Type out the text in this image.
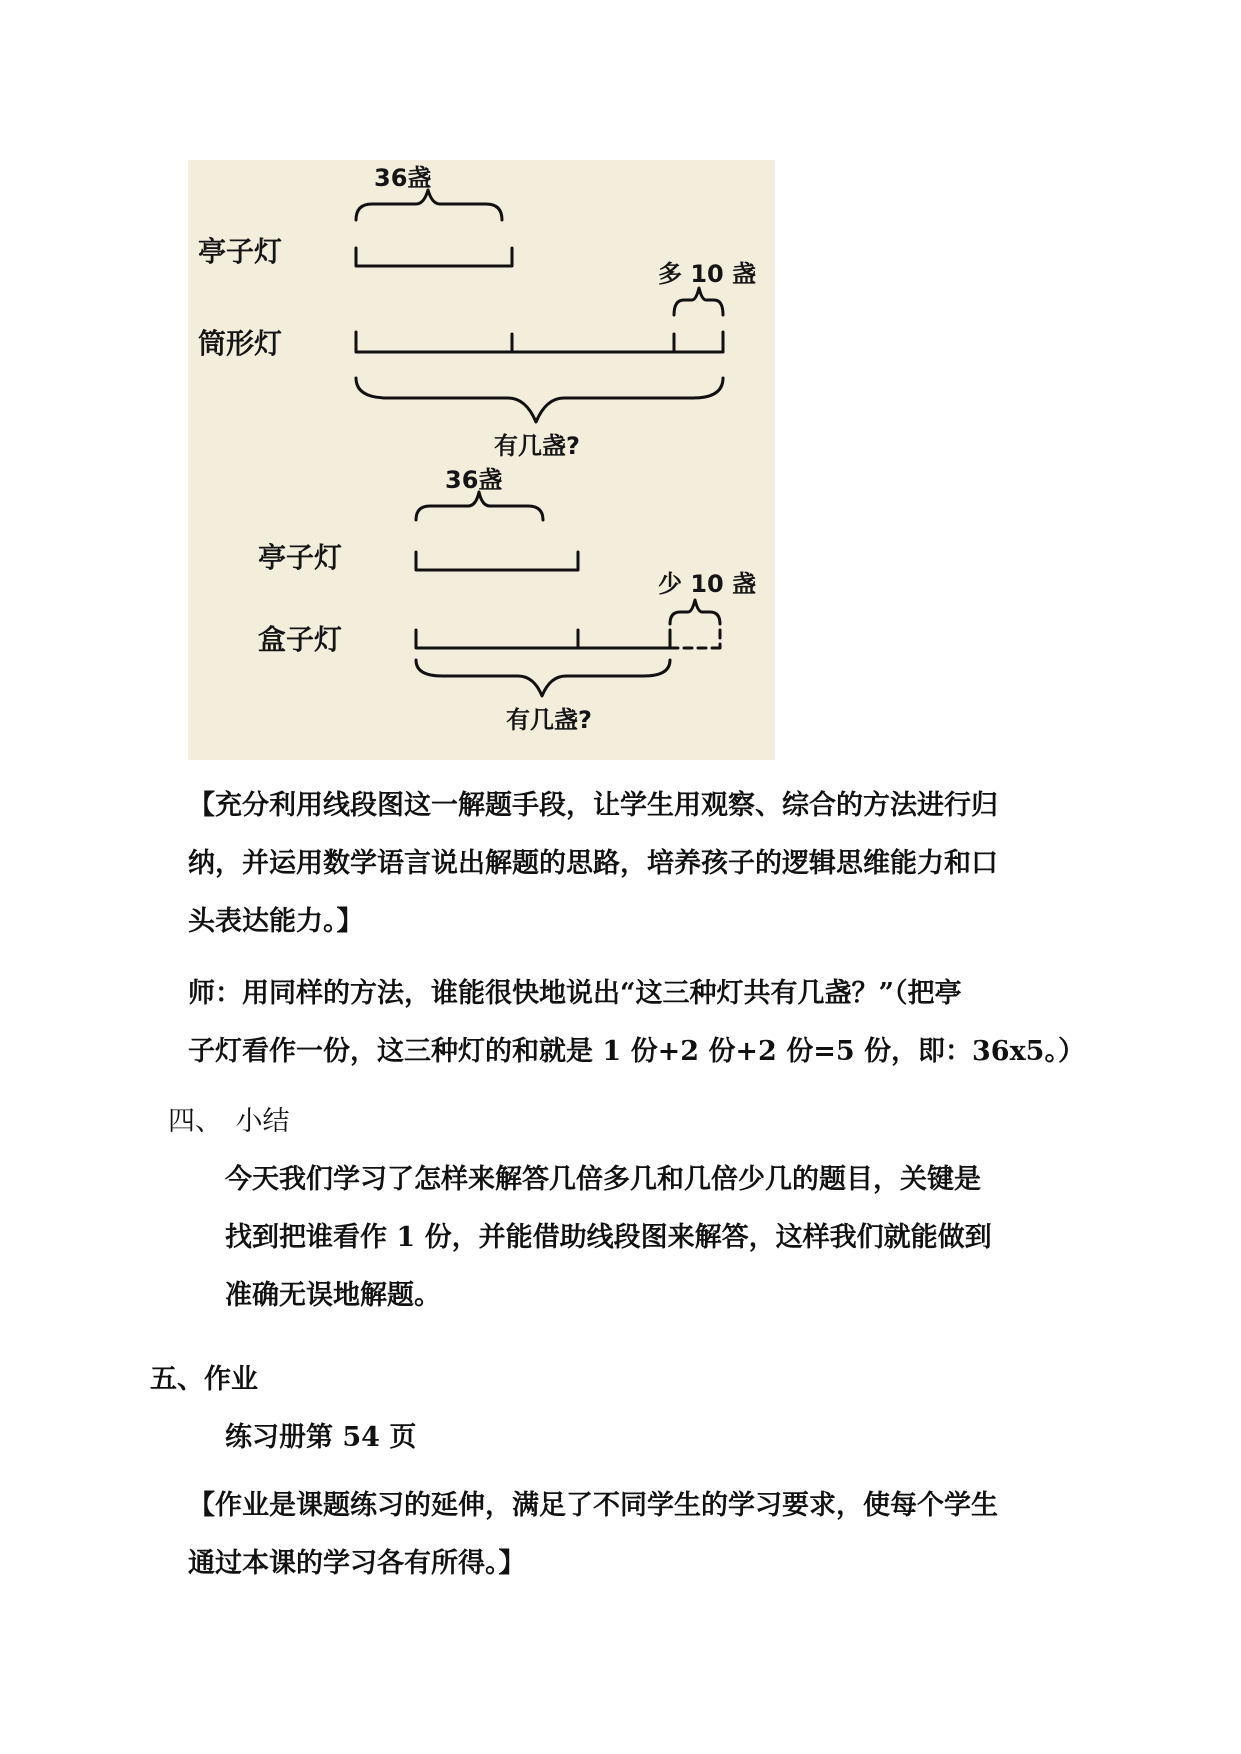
36盏
亭子灯
多 10 盏
筒形灯
有几盏?
36盏
亭子灯
少 10 盏
盒子灯
有几盏?
【充分利用线段图这一解题手段，让学生用观察、综合的方法进行归
纳，并运用数学语言说出解题的思路，培养孩子的逻辑思维能力和口
头表达能力。】
师：用同样的方法，谁能很快地说出“这三种灯共有几盏？”（把亭
子灯看作一份，这三种灯的和就是 1 份+2 份+2 份=5 份，即：36x5。）
四、　小结
今天我们学习了怎样来解答几倍多几和几倍少几的题目，关键是
找到把谁看作 1 份，并能借助线段图来解答，这样我们就能做到
准确无误地解题。
五、作业
练习册第 54 页
【作业是课题练习的延伸，满足了不同学生的学习要求，使每个学生
通过本课的学习各有所得。】
